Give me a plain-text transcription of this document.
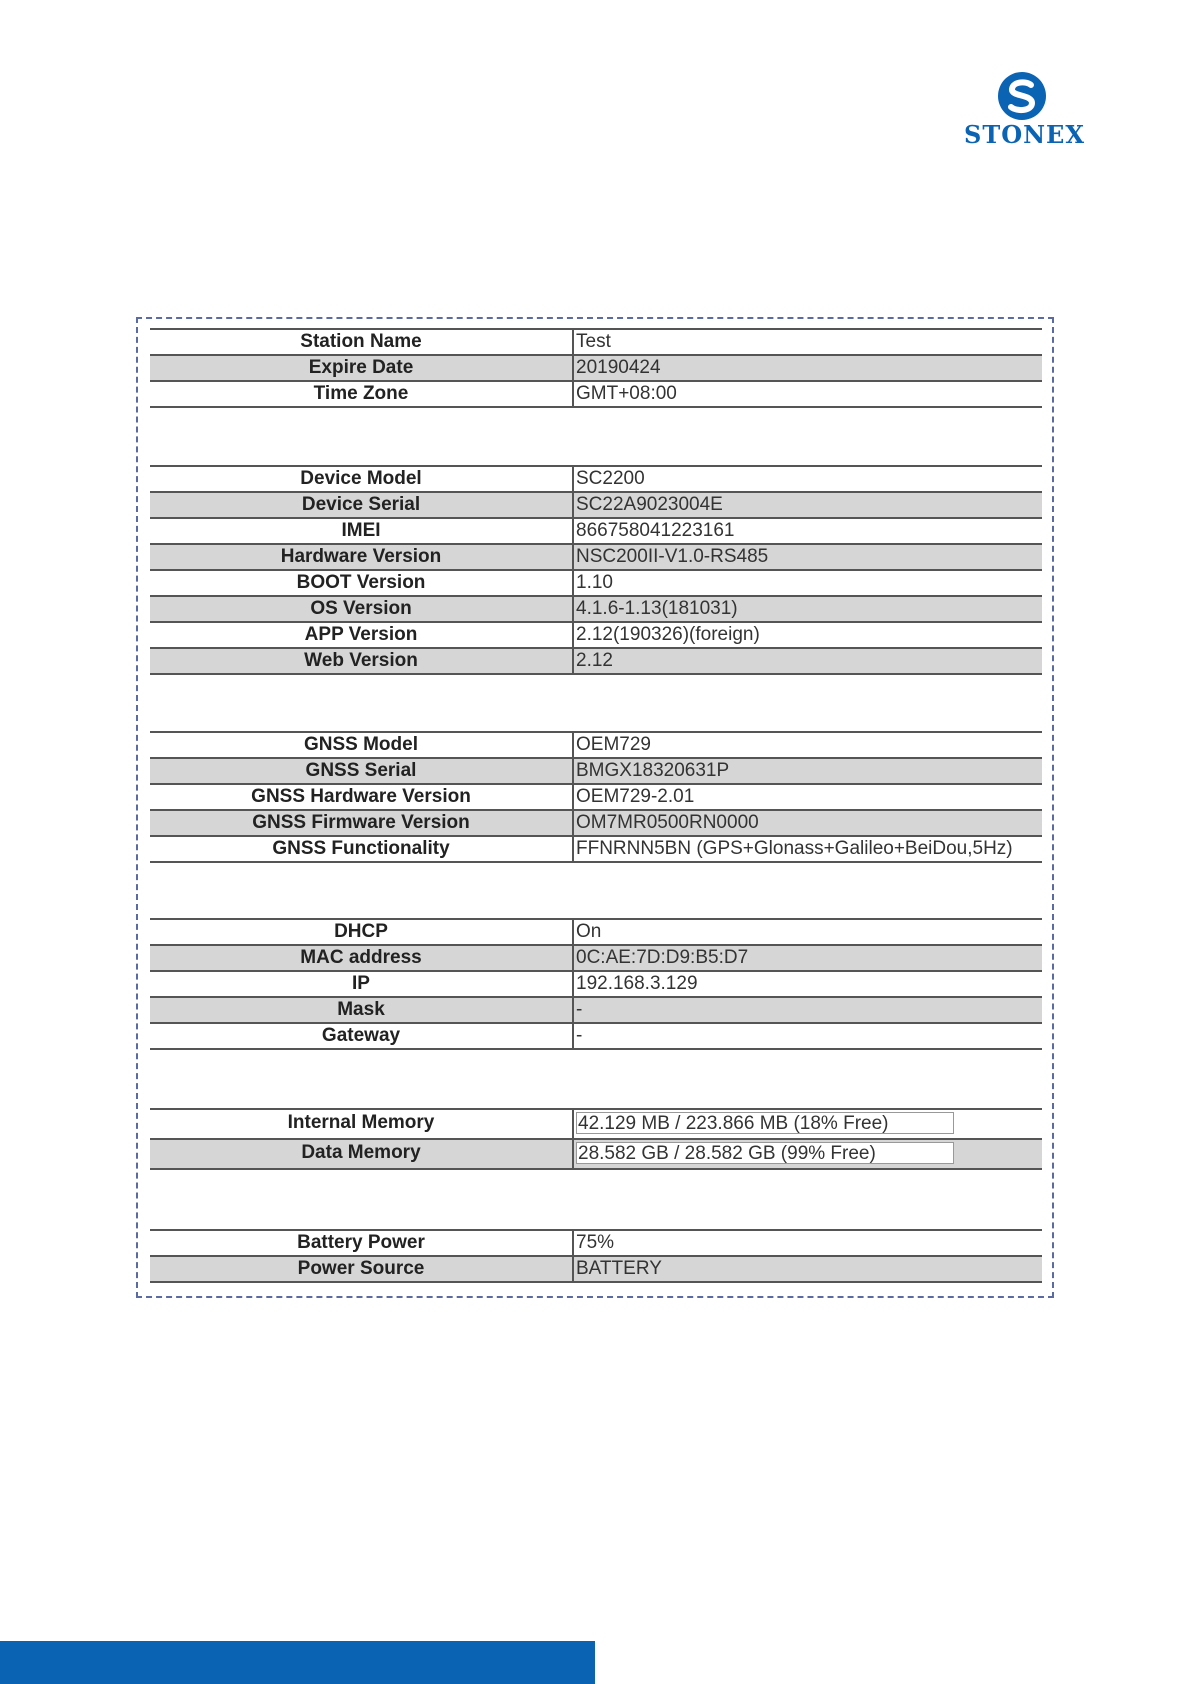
STONEX
Station Name	Test
Expire Date	20190424
Time Zone	GMT+08:00
Device Model	SC2200
Device Serial	SC22A9023004E
IMEI	866758041223161
Hardware Version	NSC200II-V1.0-RS485
BOOT Version	1.10
OS Version	4.1.6-1.13(181031)
APP Version	2.12(190326)(foreign)
Web Version	2.12
GNSS Model	OEM729
GNSS Serial	BMGX18320631P
GNSS Hardware Version	OEM729-2.01
GNSS Firmware Version	OM7MR0500RN0000
GNSS Functionality	FFNRNN5BN (GPS+Glonass+Galileo+BeiDou,5Hz)
DHCP	On
MAC address	0C:AE:7D:D9:B5:D7
IP	192.168.3.129
Mask	-
Gateway	-
Internal Memory	42.129 MB / 223.866 MB (18% Free)
Data Memory	28.582 GB / 28.582 GB (99% Free)
Battery Power	75%
Power Source	BATTERY
